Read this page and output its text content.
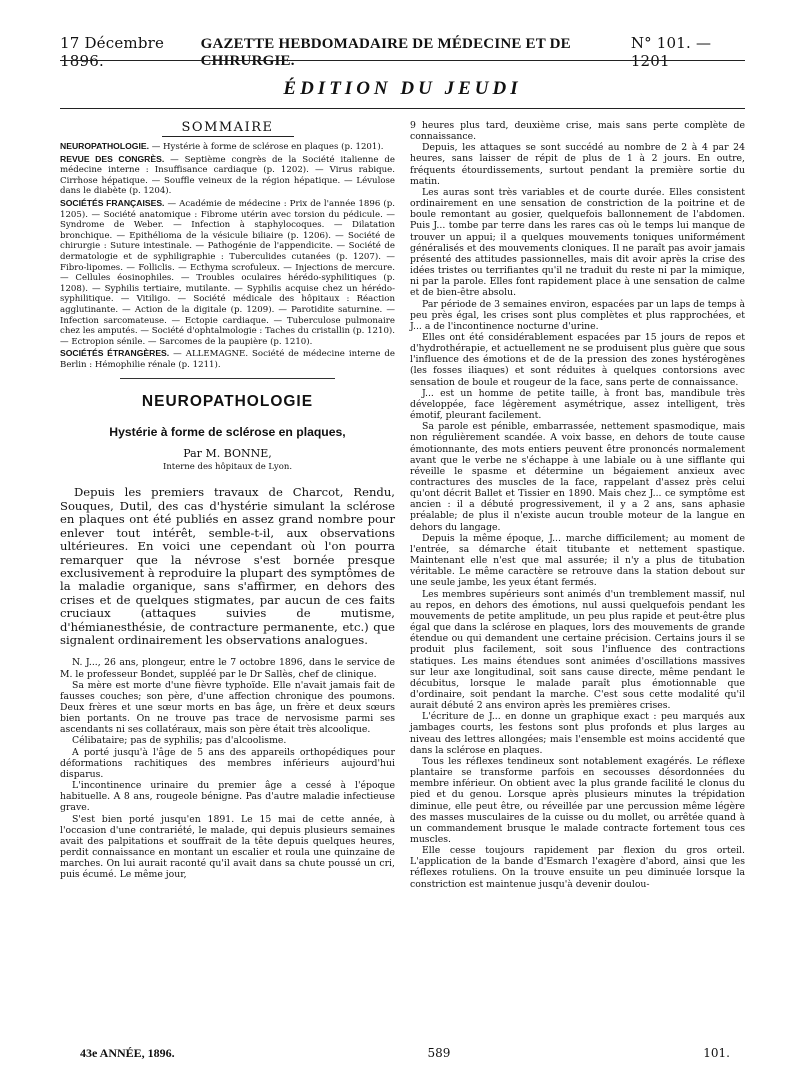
17 Décembre 1896.
GAZETTE HEBDOMADAIRE DE MÉDECINE ET DE CHIRURGIE.
N° 101. — 1201
ÉDITION DU JEUDI
SOMMAIRE

NEUROPATHOLOGIE. — Hystérie à forme de sclérose en plaques (p. 1201).

REVUE DES CONGRÈS. — Septième congrès de la Société italienne de médecine interne : Insuffisance cardiaque (p. 1202). — Virus rabique. Cirrhose hépatique. — Souffle veineux de la région hépatique. — Lévulose dans le diabète (p. 1204).

SOCIÉTÉS FRANÇAISES. — Académie de médecine : Prix de l'année 1896 (p. 1205). — Société anatomique : Fibrome utérin avec torsion du pédicule. — Syndrome de Weber. — Infection à staphylocoques. — Dilatation bronchique. — Epithélioma de la vésicule biliaire (p. 1206). — Société de chirurgie : Suture intestinale. — Pathogénie de l'appendicite. — Société de dermatologie et de syphiligraphie : Tuberculides cutanées (p. 1207). — Fibro-lipomes. — Folliclis. — Ecthyma scrofuleux. — Injections de mercure. — Cellules éosinophiles. — Troubles oculaires hérédo-syphilitiques (p. 1208). — Syphilis tertiaire, mutilante. — Syphilis acquise chez un hérédo-syphilitique. — Vitiligo. — Société médicale des hôpitaux : Réaction agglutinante. — Action de la digitale (p. 1209). — Parotidite saturnine. — Infection sarcomateuse. — Ectopie cardiaque. — Tuberculose pulmonaire chez les amputés. — Société d'ophtalmologie : Taches du cristallin (p. 1210). — Ectropion sénile. — Sarcomes de la paupière (p. 1210).

SOCIÉTÉS ÉTRANGÈRES. — ALLEMAGNE. Société de médecine interne de Berlin : Hémophilie rénale (p. 1211).

NEUROPATHOLOGIE
Hystérie à forme de sclérose en plaques,
Par M. BONNE,
Interne des hôpitaux de Lyon.

Depuis les premiers travaux de Charcot, Rendu, Souques, Dutil, des cas d'hystérie simulant la sclérose en plaques ont été publiés en assez grand nombre pour enlever tout intérêt, semble-t-il, aux observations ultérieures. En voici une cependant où l'on pourra remarquer que la névrose s'est bornée presque exclusivement à reproduire la plupart des symptômes de la maladie organique, sans s'affirmer, en dehors des crises et de quelques stigmates, par aucun de ces faits cruciaux (attaques suivies de mutisme, d'hémianesthésie, de contracture permanente, etc.) que signalent ordinairement les observations analogues.

N. J..., 26 ans, plongeur, entre le 7 octobre 1896, dans le service de M. le professeur Bondet, suppléé par le Dr Sallès, chef de clinique.

Sa mère est morte d'une fièvre typhoïde. Elle n'avait jamais fait de fausses couches; son père, d'une affection chronique des poumons. Deux frères et une sœur morts en bas âge, un frère et deux sœurs bien portants. On ne trouve pas trace de nervosisme parmi ses ascendants ni ses collatéraux, mais son père était très alcoolique.

Célibataire; pas de syphilis; pas d'alcoolisme.

A porté jusqu'à l'âge de 5 ans des appareils orthopédiques pour déformations rachitiques des membres inférieurs aujourd'hui disparus.

L'incontinence urinaire du premier âge a cessé à l'époque habituelle. A 8 ans, rougeole bénigne. Pas d'autre maladie infectieuse grave.

S'est bien porté jusqu'en 1891. Le 15 mai de cette année, à l'occasion d'une contrariété, le malade, qui depuis plusieurs semaines avait des palpitations et souffrait de la tête depuis quelques heures, perdit connaissance en montant un escalier et roula une quinzaine de marches. On lui aurait raconté qu'il avait dans sa chute poussé un cri, puis écumé. Le même jour,

9 heures plus tard, deuxième crise, mais sans perte complète de connaissance.

Depuis, les attaques se sont succédé au nombre de 2 à 4 par 24 heures, sans laisser de répit de plus de 1 à 2 jours. En outre, fréquents étourdissements, surtout pendant la première sortie du matin.

Les auras sont très variables et de courte durée. Elles consistent ordinairement en une sensation de constriction de la poitrine et de boule remontant au gosier, quelquefois ballonnement de l'abdomen. Puis J... tombe par terre dans les rares cas où le temps lui manque de trouver un appui; il a quelques mouvements toniques uniformément généralisés et des mouvements cloniques. Il ne paraît pas avoir jamais présenté des attitudes passionnelles, mais dit avoir après la crise des idées tristes ou terrifiantes qu'il ne traduit du reste ni par la mimique, ni par la parole. Elles font rapidement place à une sensation de calme et de bien-être absolu.

Par période de 3 semaines environ, espacées par un laps de temps à peu près égal, les crises sont plus complètes et plus rapprochées, et J... a de l'incontinence nocturne d'urine.

Elles ont été considérablement espacées par 15 jours de repos et d'hydrothérapie, et actuellement ne se produisent plus guère que sous l'influence des émotions et de de la pression des zones hystérogènes (les fosses iliaques) et sont réduites à quelques contorsions avec sensation de boule et rougeur de la face, sans perte de connaissance.

J... est un homme de petite taille, à front bas, mandibule très développée, face légèrement asymétrique, assez intelligent, très émotif, pleurant facilement.

Sa parole est pénible, embarrassée, nettement spasmodique, mais non régulièrement scandée. A voix basse, en dehors de toute cause émotionnante, des mots entiers peuvent être prononcés normalement avant que le verbe ne s'échappe à une labiale ou à une sifflante qui réveille le spasme et détermine un bégaiement anxieux avec contractures des muscles de la face, rappelant d'assez près celui qu'ont décrit Ballet et Tissier en 1890. Mais chez J... ce symptôme est ancien : il a débuté progressivement, il y a 2 ans, sans aphasie préalable; de plus il n'existe aucun trouble moteur de la langue en dehors du langage.

Depuis la même époque, J... marche difficilement; au moment de l'entrée, sa démarche était titubante et nettement spastique. Maintenant elle n'est que mal assurée; il n'y a plus de titubation véritable. Le même caractère se retrouve dans la station debout sur une seule jambe, les yeux étant fermés.

Les membres supérieurs sont animés d'un tremblement massif, nul au repos, en dehors des émotions, nul aussi quelquefois pendant les mouvements de petite amplitude, un peu plus rapide et peut-être plus égal que dans la sclérose en plaques, lors des mouvements de grande étendue ou qui demandent une certaine précision. Certains jours il se produit plus facilement, soit sous l'influence des contractions statiques. Les mains étendues sont animées d'oscillations massives sur leur axe longitudinal, soit sans cause directe, même pendant le décubitus, lorsque le malade paraît plus émotionnable que d'ordinaire, soit pendant la marche. C'est sous cette modalité qu'il aurait débuté 2 ans environ après les premières crises.

L'écriture de J... en donne un graphique exact : peu marqués aux jambages courts, les festons sont plus profonds et plus larges au niveau des lettres allongées; mais l'ensemble est moins accidenté que dans la sclérose en plaques.

Tous les réflexes tendineux sont notablement exagérés. Le réflexe plantaire se transforme parfois en secousses désordonnées du membre inférieur. On obtient avec la plus grande facilité le clonus du pied et du genou. Lorsque après plusieurs minutes la trépidation diminue, elle peut être, ou réveillée par une percussion même légère des masses musculaires de la cuisse ou du mollet, ou arrêtée quand à un commandement brusque le malade contracte fortement tous ces muscles.

Elle cesse toujours rapidement par flexion du gros orteil. L'application de la bande d'Esmarch l'exagère d'abord, ainsi que les réflexes rotuliens. On la trouve ensuite un peu diminuée lorsque la constriction est maintenue jusqu'à devenir doulou-

43e ANNÉE, 1896.	589	101.
